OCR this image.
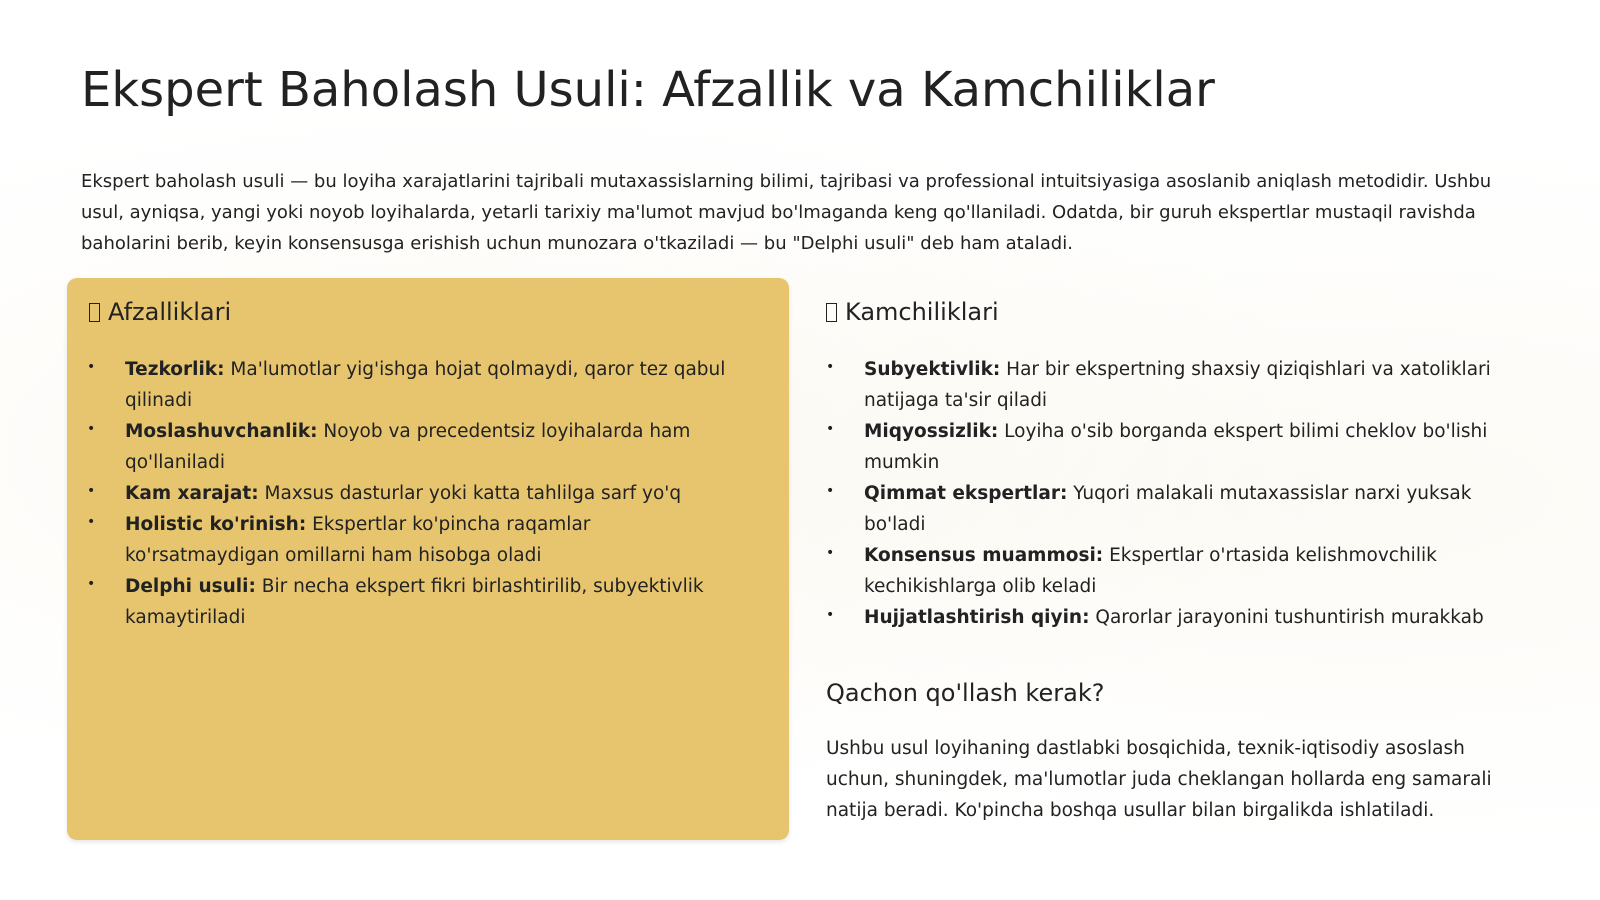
Ekspert Baholash Usuli: Afzallik va Kamchiliklar

Ekspert baholash usuli — bu loyiha xarajatlarini tajribali mutaxassislarning bilimi, tajribasi va professional intuitsiyasiga asoslanib aniqlash metodidir. Ushbu usul, ayniqsa, yangi yoki noyob loyihalarda, yetarli tarixiy ma'lumot mavjud bo'lmaganda keng qo'llaniladi. Odatda, bir guruh ekspertlar mustaqil ravishda baholarini berib, keyin konsensusga erishish uchun munozara o'tkaziladi — bu "Delphi usuli" deb ham ataladi.

Afzalliklari
• Tezkorlik: Ma'lumotlar yig'ishga hojat qolmaydi, qaror tez qabul qilinadi
• Moslashuvchanlik: Noyob va precedentsiz loyihalarda ham qo'llaniladi
• Kam xarajat: Maxsus dasturlar yoki katta tahlilga sarf yo'q
• Holistic ko'rinish: Ekspertlar ko'pincha raqamlar ko'rsatmaydigan omillarni ham hisobga oladi
• Delphi usuli: Bir necha ekspert fikri birlashtirilib, subyektivlik kamaytiriladi
Kamchiliklari
• Subyektivlik: Har bir ekspertning shaxsiy qiziqishlari va xatoliklari natijaga ta'sir qiladi
• Miqyossizlik: Loyiha o'sib borganda ekspert bilimi cheklov bo'lishi mumkin
• Qimmat ekspertlar: Yuqori malakali mutaxassislar narxi yuksak bo'ladi
• Konsensus muammosi: Ekspertlar o'rtasida kelishmovchilik kechikishlarga olib keladi
• Hujjatlashtirish qiyin: Qarorlar jarayonini tushuntirish murakkab
Qachon qo'llash kerak?

Ushbu usul loyihaning dastlabki bosqichida, texnik-iqtisodiy asoslash uchun, shuningdek, ma'lumotlar juda cheklangan hollarda eng samarali natija beradi. Ko'pincha boshqa usullar bilan birgalikda ishlatiladi.
